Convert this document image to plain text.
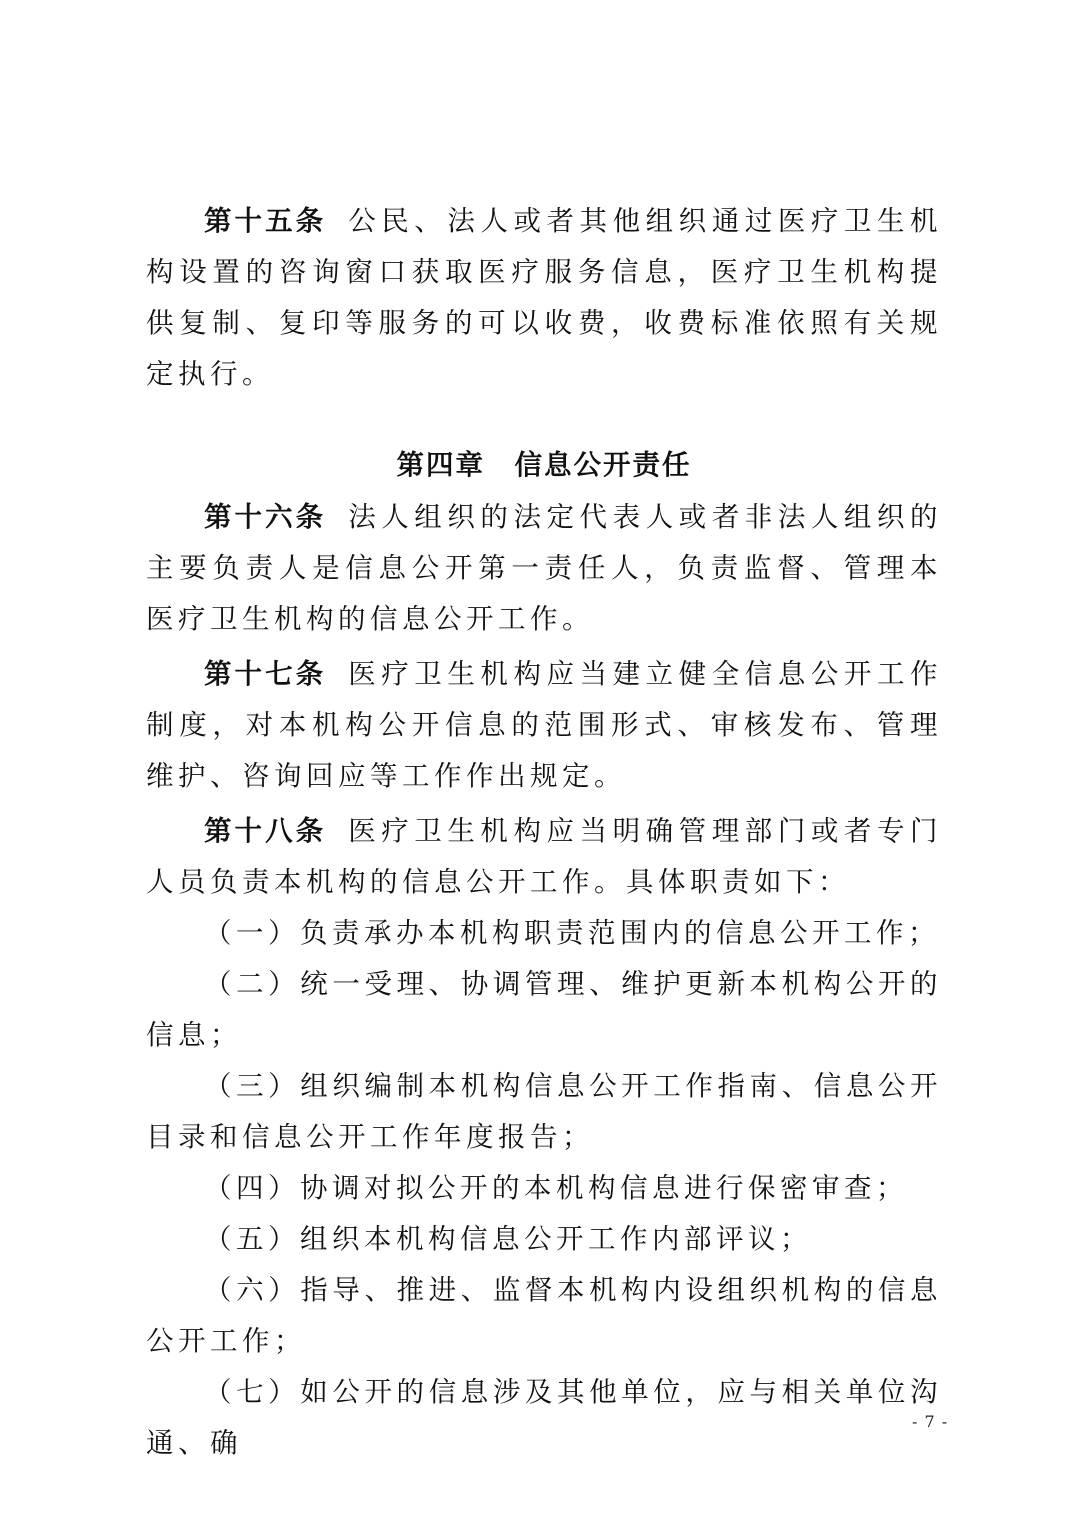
第十五条 公民、法人或者其他组织通过医疗卫生机构设置的咨询窗口获取医疗服务信息，医疗卫生机构提供复制、复印等服务的可以收费，收费标准依照有关规定执行。

第四章　信息公开责任

第十六条 法人组织的法定代表人或者非法人组织的主要负责人是信息公开第一责任人，负责监督、管理本医疗卫生机构的信息公开工作。

第十七条 医疗卫生机构应当建立健全信息公开工作制度，对本机构公开信息的范围形式、审核发布、管理维护、咨询回应等工作作出规定。

第十八条 医疗卫生机构应当明确管理部门或者专门人员负责本机构的信息公开工作。具体职责如下：

（一）负责承办本机构职责范围内的信息公开工作；

（二）统一受理、协调管理、维护更新本机构公开的信息；

（三）组织编制本机构信息公开工作指南、信息公开目录和信息公开工作年度报告；

（四）协调对拟公开的本机构信息进行保密审查；

（五）组织本机构信息公开工作内部评议；

（六）指导、推进、监督本机构内设组织机构的信息公开工作；

（七）如公开的信息涉及其他单位，应与相关单位沟通、确

- 7 -
